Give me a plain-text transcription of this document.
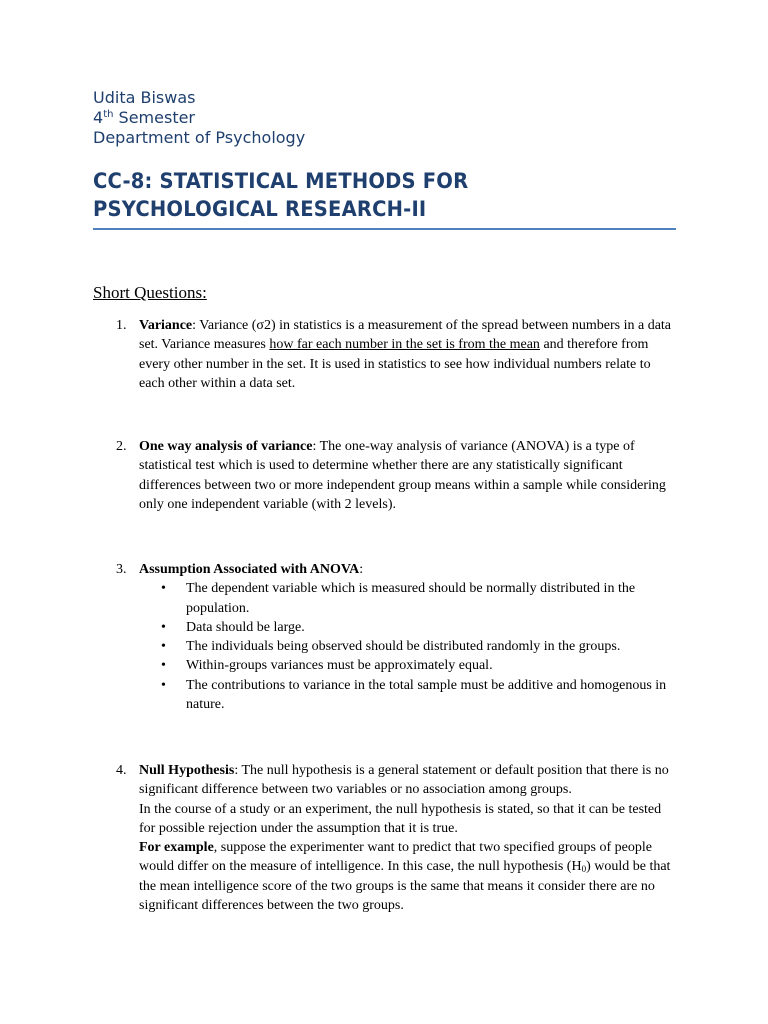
Udita Biswas
4th Semester
Department of Psychology
CC-8: STATISTICAL METHODS FOR
PSYCHOLOGICAL RESEARCH-II
Short Questions:
1. Variance: Variance (σ2) in statistics is a measurement of the spread between numbers in a data set. Variance measures how far each number in the set is from the mean and therefore from every other number in the set. It is used in statistics to see how individual numbers relate to each other within a data set.

2. One way analysis of variance: The one-way analysis of variance (ANOVA) is a type of statistical test which is used to determine whether there are any statistically significant differences between two or more independent group means within a sample while considering only one independent variable (with 2 levels).

3. Assumption Associated with ANOVA:

• The dependent variable which is measured should be normally distributed in the population.
• Data should be large.
• The individuals being observed should be distributed randomly in the groups.
• Within-groups variances must be approximately equal.
• The contributions to variance in the total sample must be additive and homogenous in nature.
4. Null Hypothesis: The null hypothesis is a general statement or default position that there is no significant difference between two variables or no association among groups.

In the course of a study or an experiment, the null hypothesis is stated, so that it can be tested for possible rejection under the assumption that it is true.

For example, suppose the experimenter want to predict that two specified groups of people would differ on the measure of intelligence. In this case, the null hypothesis $(H_0)$ would be that the mean intelligence score of the two groups is the same that means it consider there are no significant differences between the two groups.
